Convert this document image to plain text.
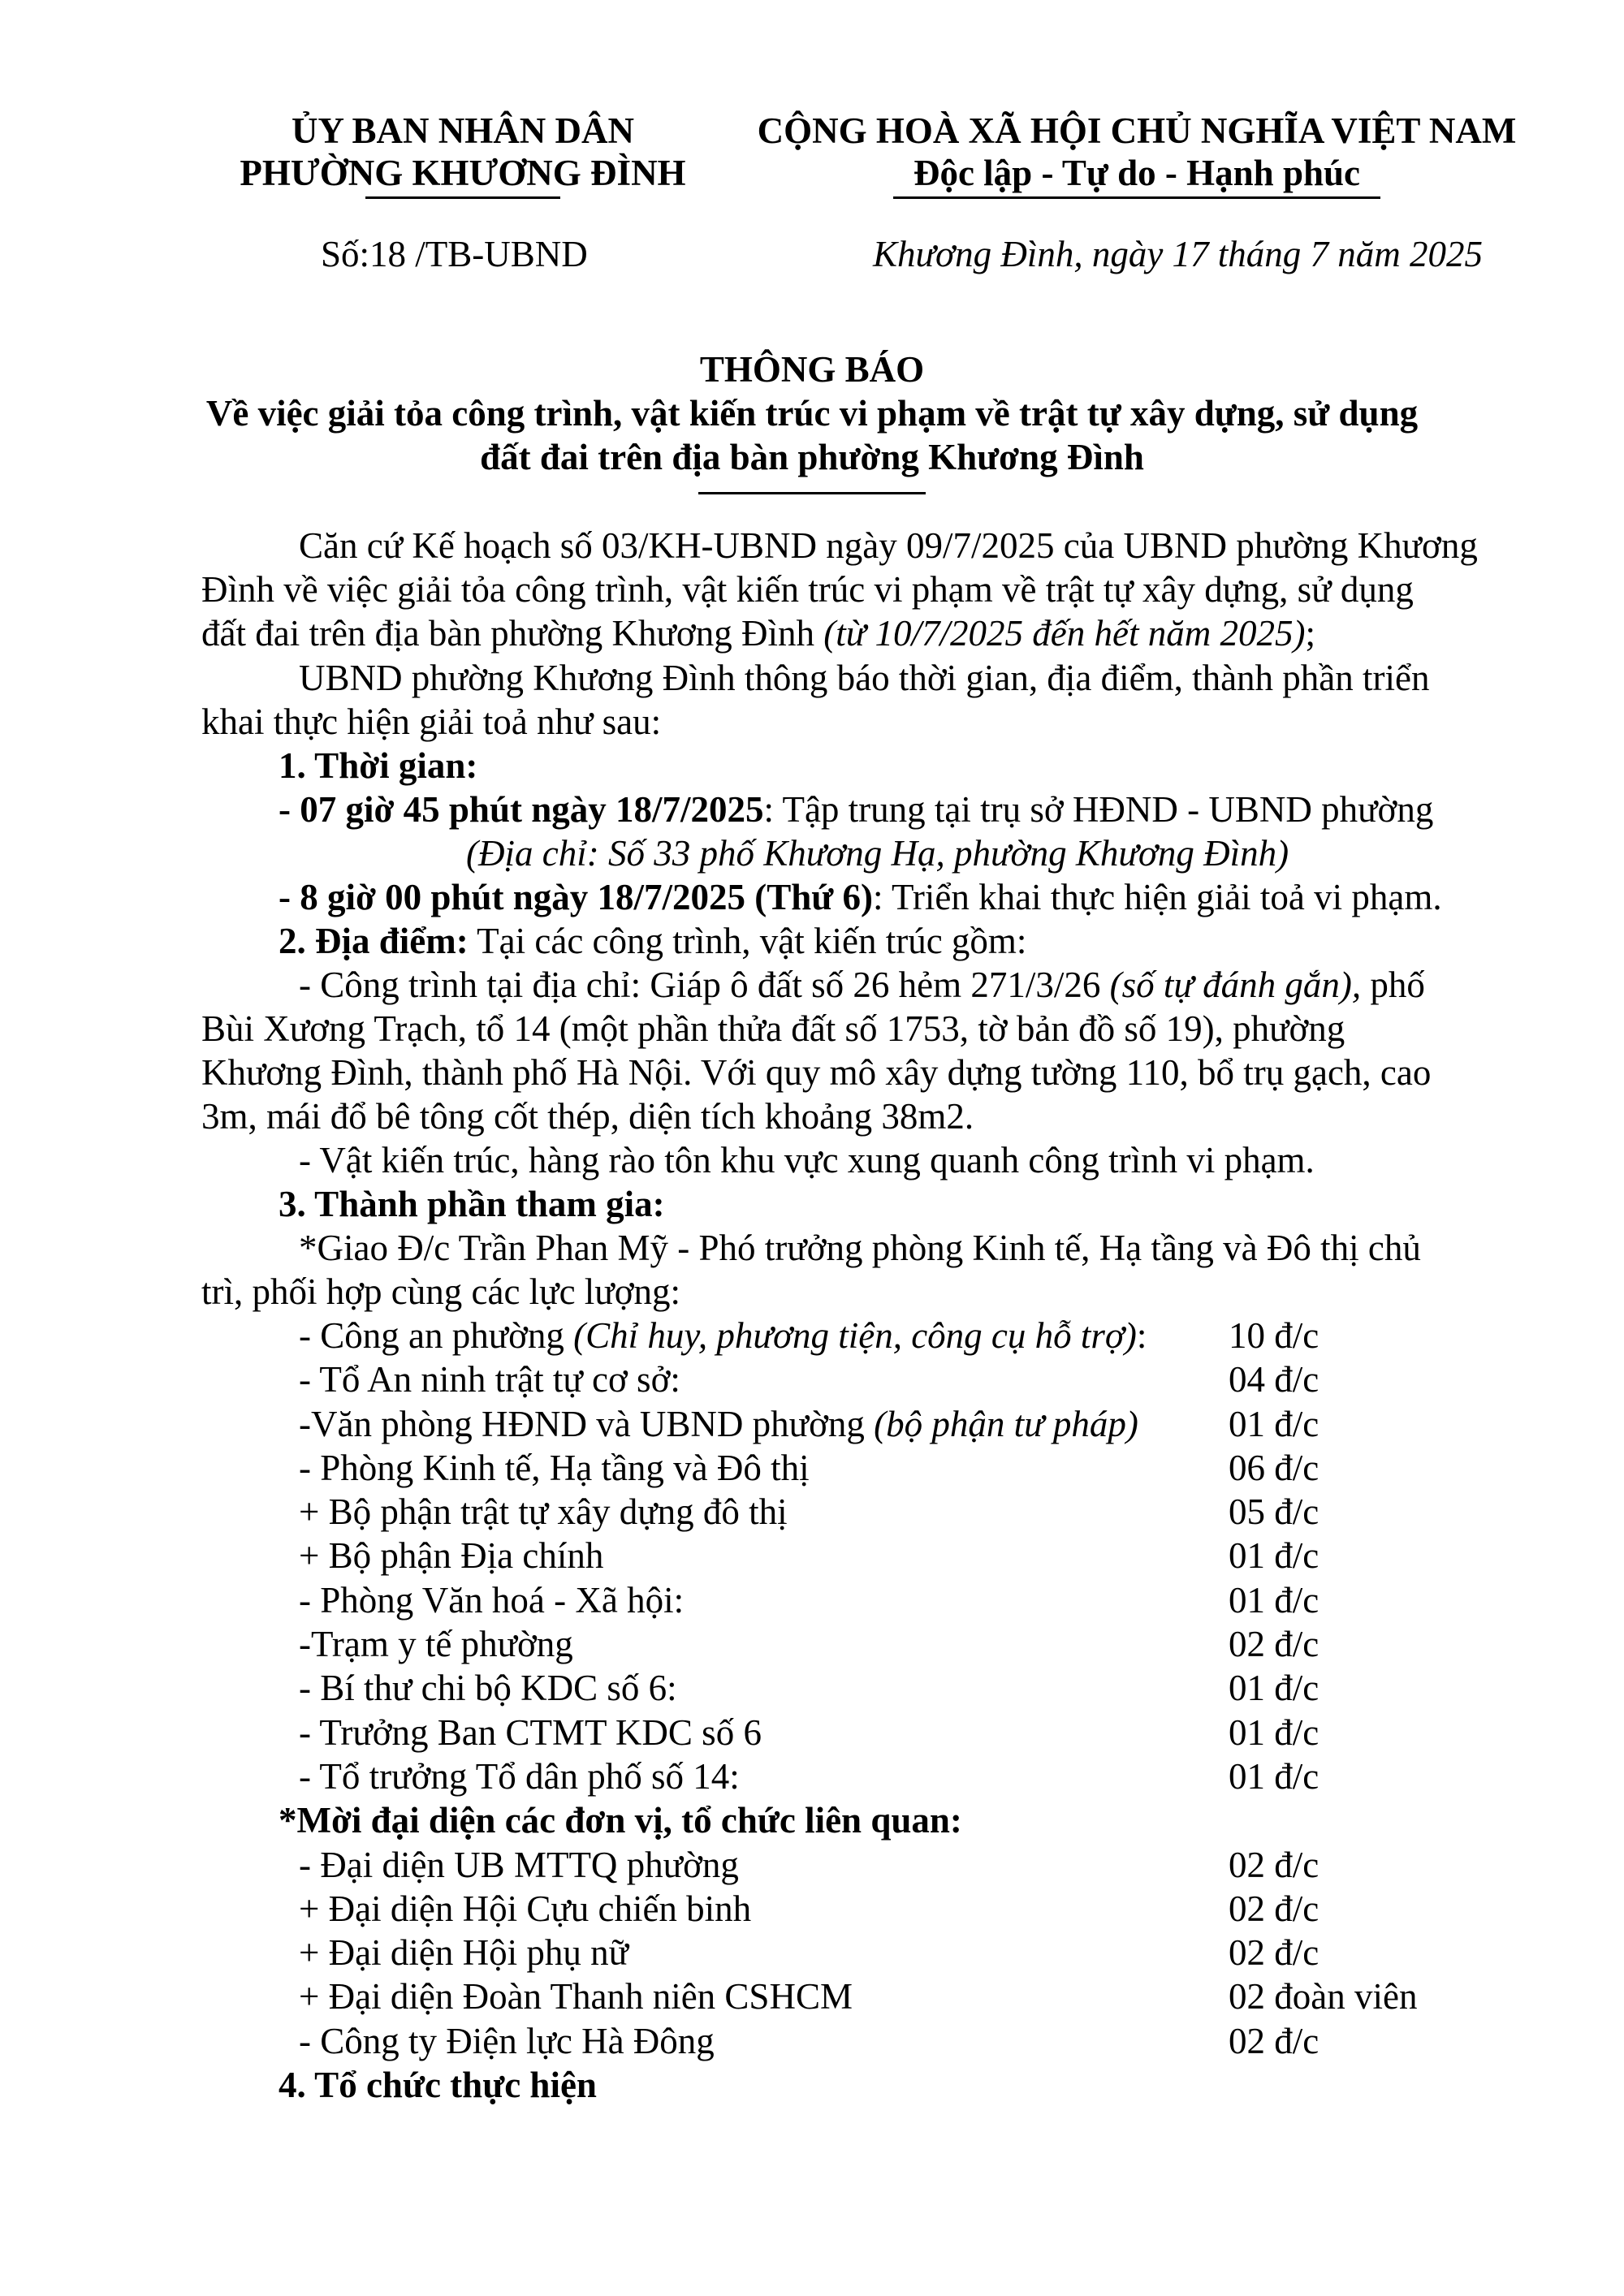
ỦY BAN NHÂN DÂN
PHƯỜNG KHƯƠNG ĐÌNH
CỘNG HOÀ XÃ HỘI CHỦ NGHĨA VIỆT NAM
Độc lập - Tự do - Hạnh phúc
Số:18 /TB-UBND	Khương Đình, ngày 17 tháng 7 năm 2025
THÔNG BÁO
Về việc giải tỏa công trình, vật kiến trúc vi phạm về trật tự xây dựng, sử dụng
đất đai trên địa bàn phường Khương Đình
Căn cứ Kế hoạch số 03/KH-UBND ngày 09/7/2025 của UBND phường Khương
Đình về việc giải tỏa công trình, vật kiến trúc vi phạm về trật tự xây dựng, sử dụng
đất đai trên địa bàn phường Khương Đình (từ 10/7/2025 đến hết năm 2025);
UBND phường Khương Đình thông báo thời gian, địa điểm, thành phần triển
khai thực hiện giải toả như sau:
1. Thời gian:
- 07 giờ 45 phút ngày 18/7/2025: Tập trung tại trụ sở HĐND - UBND phường
(Địa chỉ: Số 33 phố Khương Hạ, phường Khương Đình)
- 8 giờ 00 phút ngày 18/7/2025 (Thứ 6): Triển khai thực hiện giải toả vi phạm.
2. Địa điểm: Tại các công trình, vật kiến trúc gồm:
- Công trình tại địa chỉ: Giáp ô đất số 26 hẻm 271/3/26 (số tự đánh gắn), phố
Bùi Xương Trạch, tổ 14 (một phần thửa đất số 1753, tờ bản đồ số 19), phường
Khương Đình, thành phố Hà Nội. Với quy mô xây dựng tường 110, bổ trụ gạch, cao
3m, mái đổ bê tông cốt thép, diện tích khoảng 38m2.
- Vật kiến trúc, hàng rào tôn khu vực xung quanh công trình vi phạm.
3. Thành phần tham gia:
*Giao Đ/c Trần Phan Mỹ - Phó trưởng phòng Kinh tế, Hạ tầng và Đô thị chủ
trì, phối hợp cùng các lực lượng:
- Công an phường (Chỉ huy, phương tiện, công cụ hỗ trợ): 10 đ/c
- Tổ An ninh trật tự cơ sở:	04 đ/c
-Văn phòng HĐND và UBND phường (bộ phận tư pháp) 01 đ/c
- Phòng Kinh tế, Hạ tầng và Đô thị	06 đ/c
+ Bộ phận trật tự xây dựng đô thị	05 đ/c
+ Bộ phận Địa chính	01 đ/c
- Phòng Văn hoá - Xã hội:	01 đ/c
-Trạm y tế phường	02 đ/c
- Bí thư chi bộ KDC số 6:	01 đ/c
- Trưởng Ban CTMT KDC số 6	01 đ/c
- Tổ trưởng Tổ dân phố số 14:	01 đ/c
*Mời đại diện các đơn vị, tổ chức liên quan:
- Đại diện UB MTTQ phường	02 đ/c
+ Đại diện Hội Cựu chiến binh	02 đ/c
+ Đại diện Hội phụ nữ	02 đ/c
+ Đại diện Đoàn Thanh niên CSHCM	02 đoàn viên
- Công ty Điện lực Hà Đông	02 đ/c
4. Tổ chức thực hiện
